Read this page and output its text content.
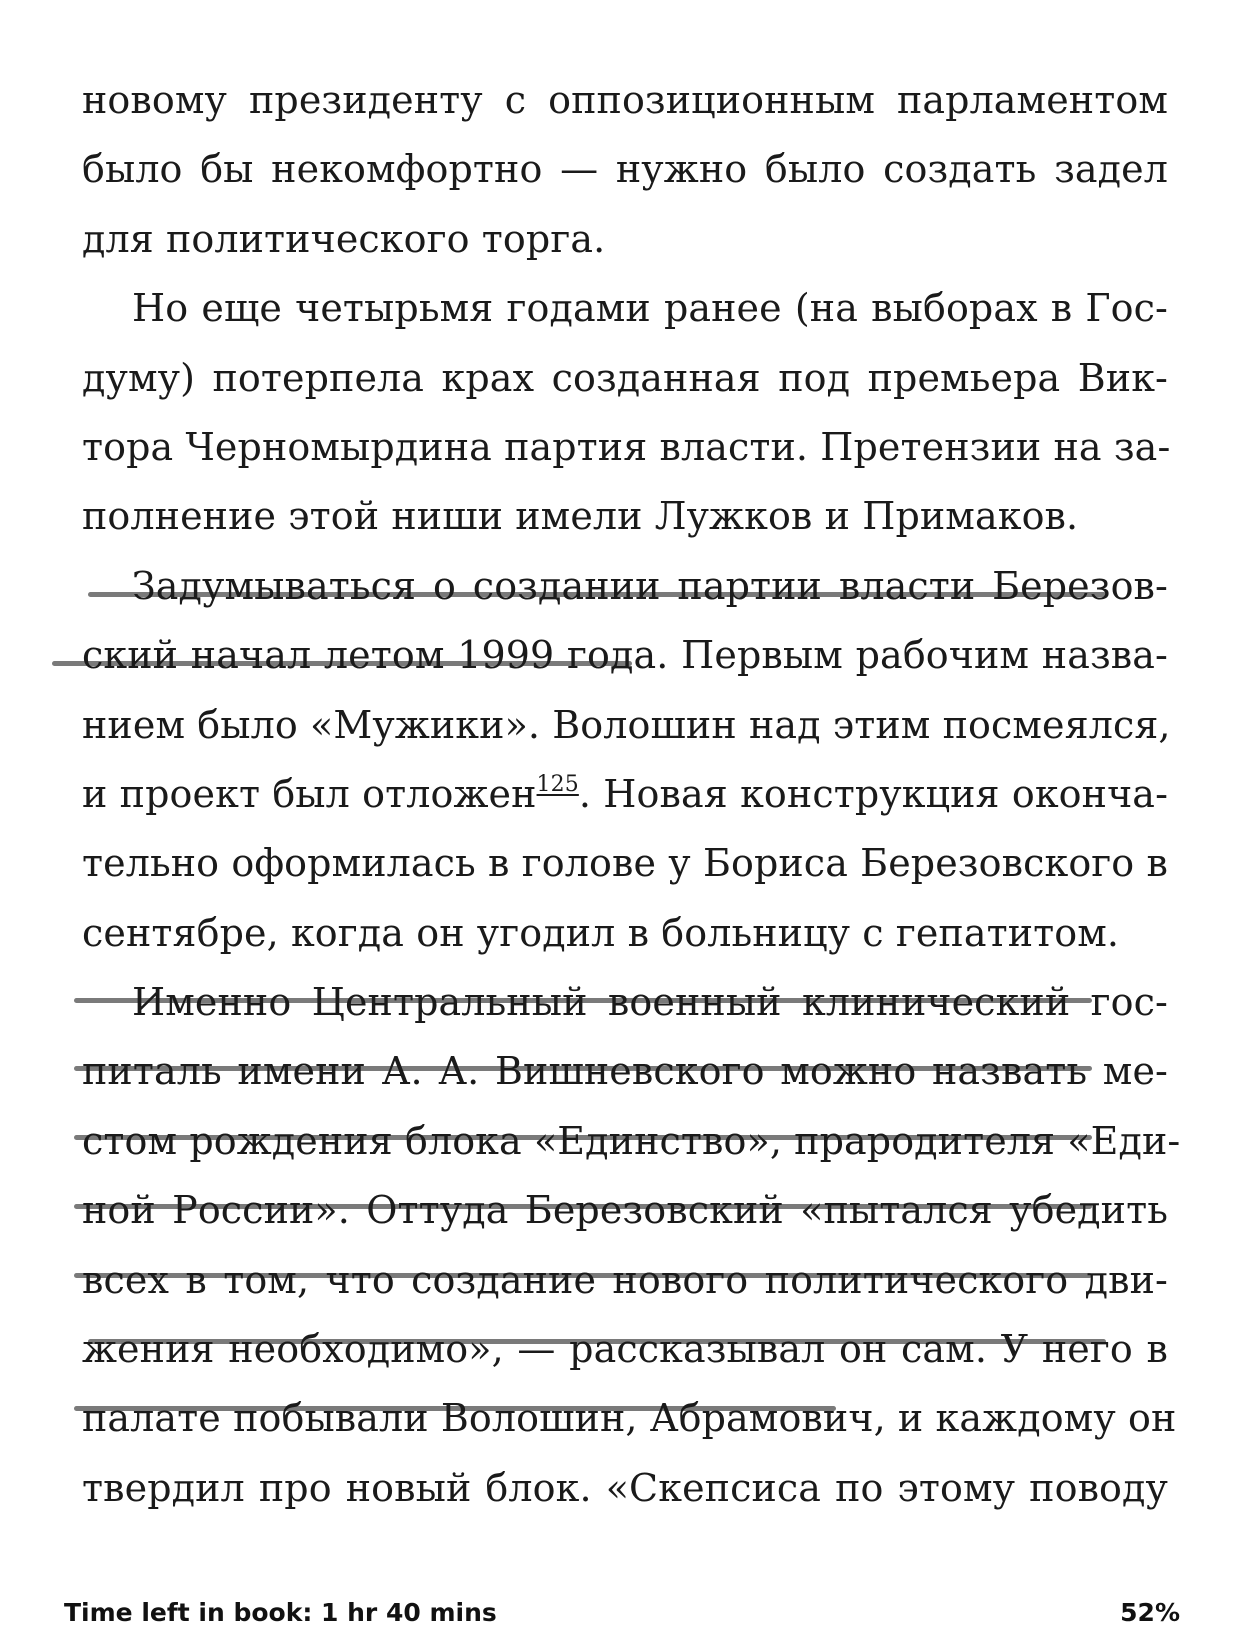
новому президенту с оппозиционным парламентом
было бы некомфортно — нужно было создать задел
для политического торга.
Но еще четырьмя годами ранее (на выборах в Гос-
думу) потерпела крах созданная под премьера Вик-
тора Черномырдина партия власти. Претензии на за-
полнение этой ниши имели Лужков и Примаков.
Задумываться о создании партии власти Березов-
ский начал летом 1999 года. Первым рабочим назва-
нием было «Мужики». Волошин над этим посмеялся,
и проект был отложен$^{125}$. Новая конструкция оконча-
тельно оформилась в голове у Бориса Березовского в
сентябре, когда он угодил в больницу с гепатитом.
Именно Центральный военный клинический гос-
питаль имени А. А. Вишневского можно назвать ме-
стом рождения блока «Единство», прародителя «Еди-
ной России». Оттуда Березовский «пытался убедить
всех в том, что создание нового политического дви-
жения необходимо», — рассказывал он сам. У него в
палате побывали Волошин, Абрамович, и каждому он
твердил про новый блок. «Скепсиса по этому поводу
Time left in book: 1 hr 40 mins	52%
